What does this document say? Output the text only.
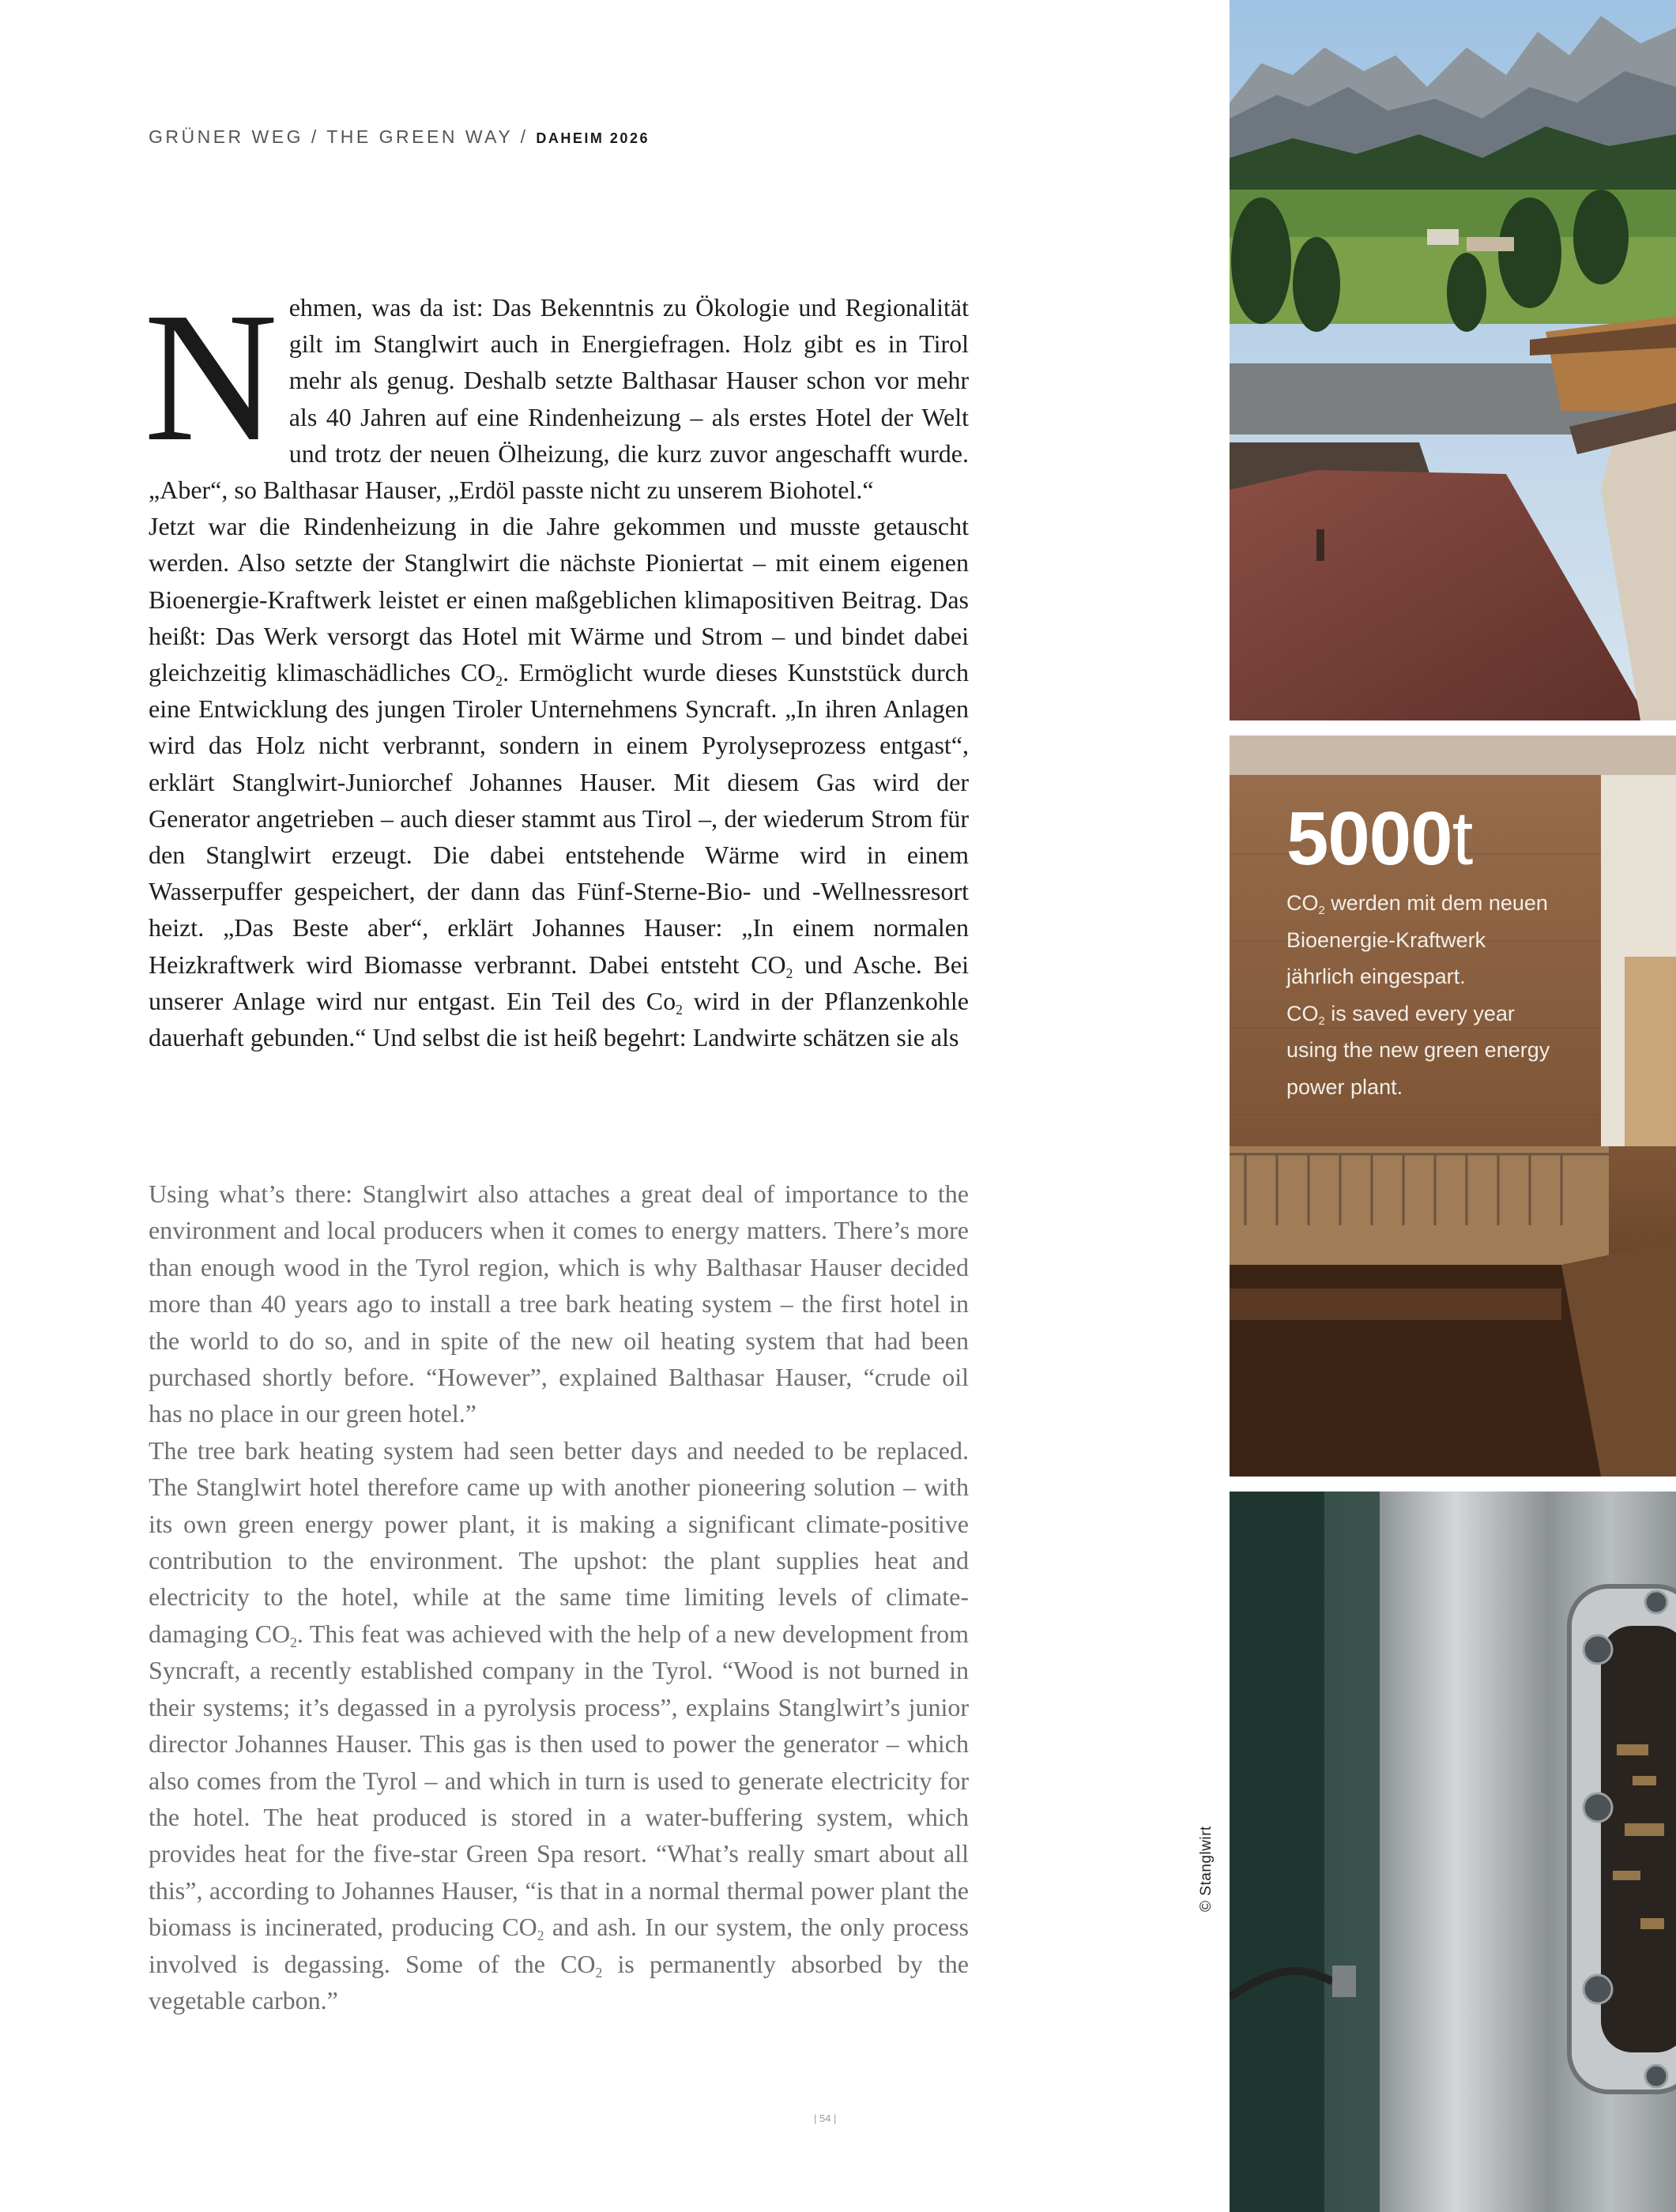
GRÜNER WEG / THE GREEN WAY / DAHEIM 2026
N ehmen, was da ist: Das Bekenntnis zu Ökologie und Regionalität gilt im Stanglwirt auch in Energiefragen. Holz gibt es in Tirol mehr als genug. Deshalb setzte Balthasar Hauser schon vor mehr als 40 Jahren auf eine Rindenheizung – als erstes Hotel der Welt und trotz der neuen Ölheizung, die kurz zuvor angeschafft wurde. „Aber“, so Balthasar Hauser, „Erdöl passte nicht zu unserem Biohotel.“

Jetzt war die Rindenheizung in die Jahre gekommen und musste getauscht werden. Also setzte der Stanglwirt die nächste Pioniertat – mit einem eigenen Bioenergie-Kraftwerk leistet er einen maßgeblichen klimapositiven Beitrag. Das heißt: Das Werk versorgt das Hotel mit Wärme und Strom – und bindet dabei gleichzeitig klimaschädliches $CO_2$. Ermöglicht wurde dieses Kunststück durch eine Entwicklung des jungen Tiroler Unternehmens Syncraft. „In ihren Anlagen wird das Holz nicht verbrannt, sondern in einem Pyrolyseprozess entgast“, erklärt Stanglwirt-Juniorchef Johannes Hauser. Mit diesem Gas wird der Generator angetrieben – auch dieser stammt aus Tirol –, der wiederum Strom für den Stanglwirt erzeugt. Die dabei entstehende Wärme wird in einem Wasserpuffer gespeichert, der dann das Fünf-Sterne-Bio- und -Wellnessresort heizt. „Das Beste aber“, erklärt Johannes Hauser: „In einem normalen Heizkraftwerk wird Biomasse verbrannt. Dabei entsteht $CO_2$ und Asche. Bei unserer Anlage wird nur entgast. Ein Teil des $Co_2$ wird in der Pflanzenkohle dauerhaft gebunden.“ Und selbst die ist heiß begehrt: Landwirte schätzen sie als

Using what’s there: Stanglwirt also attaches a great deal of importance to the environment and local producers when it comes to energy matters. There’s more than enough wood in the Tyrol region, which is why Balthasar Hauser decided more than 40 years ago to install a tree bark heating system – the first hotel in the world to do so, and in spite of the new oil heating system that had been purchased shortly before. “However”, explained Balthasar Hauser, “crude oil has no place in our green hotel.”

The tree bark heating system had seen better days and needed to be replaced. The Stanglwirt hotel therefore came up with another pioneering solution – with its own green energy power plant, it is making a significant climate-positive contribution to the environment. The upshot: the plant supplies heat and electricity to the hotel, while at the same time limiting levels of climate-damaging $CO_2$. This feat was achieved with the help of a new development from Syncraft, a recently established company in the Tyrol. “Wood is not burned in their systems; it’s degassed in a pyrolysis process”, explains Stanglwirt’s junior director Johannes Hauser. This gas is then used to power the generator – which also comes from the Tyrol – and which in turn is used to generate electricity for the hotel. The heat produced is stored in a water-buffering system, which provides heat for the five-star Green Spa resort. “What’s really smart about all this”, according to Johannes Hauser, “is that in a normal thermal power plant the biomass is incinerated, producing $CO_2$ and ash. In our system, the only process involved is degassing. Some of the $CO_2$ is permanently absorbed by the vegetable carbon.”

© Stanglwirt
| 54 |
5000t
$CO_2$ werden mit dem neuen Bioenergie-Kraftwerk jährlich eingespart.
$CO_2$ is saved every year using the new green energy power plant.
